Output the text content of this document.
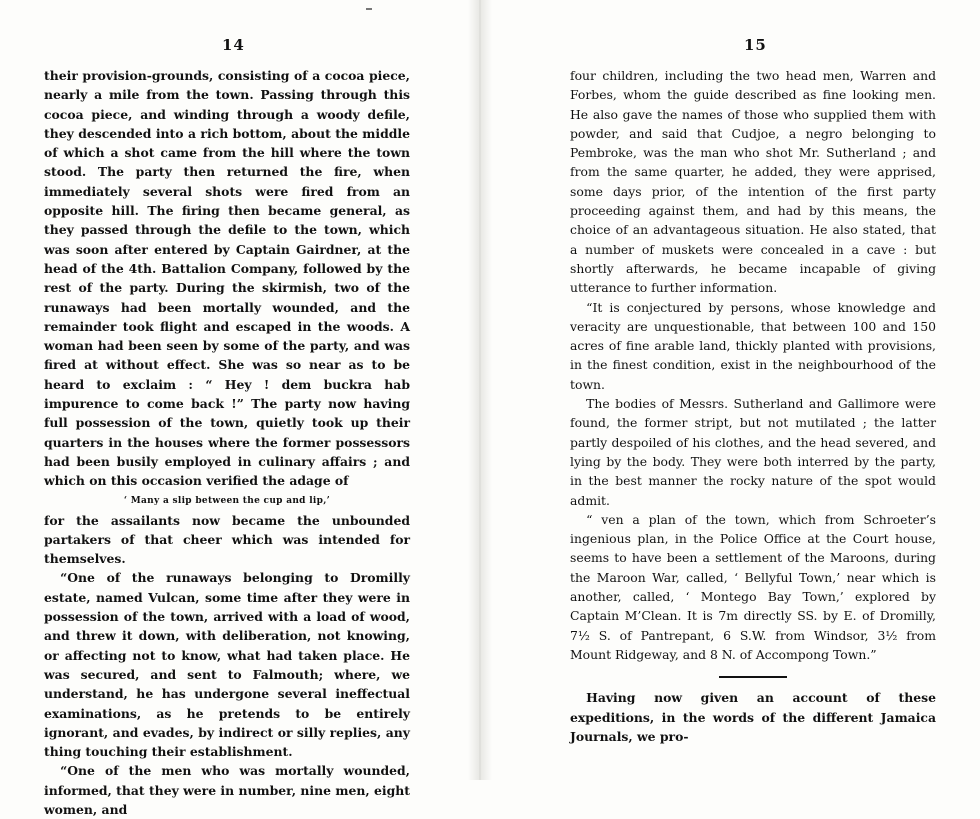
14

their provision-grounds, consisting of a cocoa piece, nearly a mile from the town. Passing through this cocoa piece, and winding through a woody defile, they descended into a rich bottom, about the middle of which a shot came from the hill where the town stood. The party then returned the fire, when immediately several shots were fired from an opposite hill. The firing then became general, as they passed through the defile to the town, which was soon after entered by Captain Gairdner, at the head of the 4th. Battalion Company, followed by the rest of the party. During the skirmish, two of the runaways had been mortally wounded, and the remainder took flight and escaped in the woods. A woman had been seen by some of the party, and was fired at without effect. She was so near as to be heard to exclaim : “ Hey ! dem buckra hab impurence to come back !” The party now having full possession of the town, quietly took up their quarters in the houses where the former possessors had been busily employed in culinary affairs ; and which on this occasion verified the adage of

‘ Many a slip between the cup and lip,’

for the assailants now became the unbounded partakers of that cheer which was intended for themselves.

“One of the runaways belonging to Dromilly estate, named Vulcan, some time after they were in possession of the town, arrived with a load of wood, and threw it down, with deliberation, not knowing, or affecting not to know, what had taken place. He was secured, and sent to Falmouth; where, we understand, he has undergone several ineffectual examinations, as he pretends to be entirely ignorant, and evades, by indirect or silly replies, any thing touching their establishment.

“One of the men who was mortally wounded, informed, that they were in number, nine men, eight women, and

15

four children, including the two head men, Warren and Forbes, whom the guide described as fine looking men. He also gave the names of those who supplied them with powder, and said that Cudjoe, a negro belonging to Pembroke, was the man who shot Mr. Sutherland ; and from the same quarter, he added, they were apprised, some days prior, of the intention of the first party proceeding against them, and had by this means, the choice of an advantageous situation. He also stated, that a number of muskets were concealed in a cave : but shortly afterwards, he became incapable of giving utterance to further information.

“It is conjectured by persons, whose knowledge and veracity are unquestionable, that between 100 and 150 acres of fine arable land, thickly planted with provisions, in the finest condition, exist in the neighbourhood of the town.

The bodies of Messrs. Sutherland and Gallimore were found, the former stript, but not mutilated ; the latter partly despoiled of his clothes, and the head severed, and lying by the body. They were both interred by the party, in the best manner the rocky nature of the spot would admit.

“ ven a plan of the town, which from Schroeter’s ingenious plan, in the Police Office at the Court house, seems to have been a settlement of the Maroons, during the Maroon War, called, ‘ Bellyful Town,’ near which is another, called, ‘ Montego Bay Town,’ explored by Captain M’Clean. It is 7m directly SS. by E. of Dromilly, 7½ S. of Pantrepant, 6 S.W. from Windsor, 3½ from Mount Ridgeway, and 8 N. of Accompong Town.”

Having now given an account of these expeditions, in the words of the different Jamaica Journals, we pro-
